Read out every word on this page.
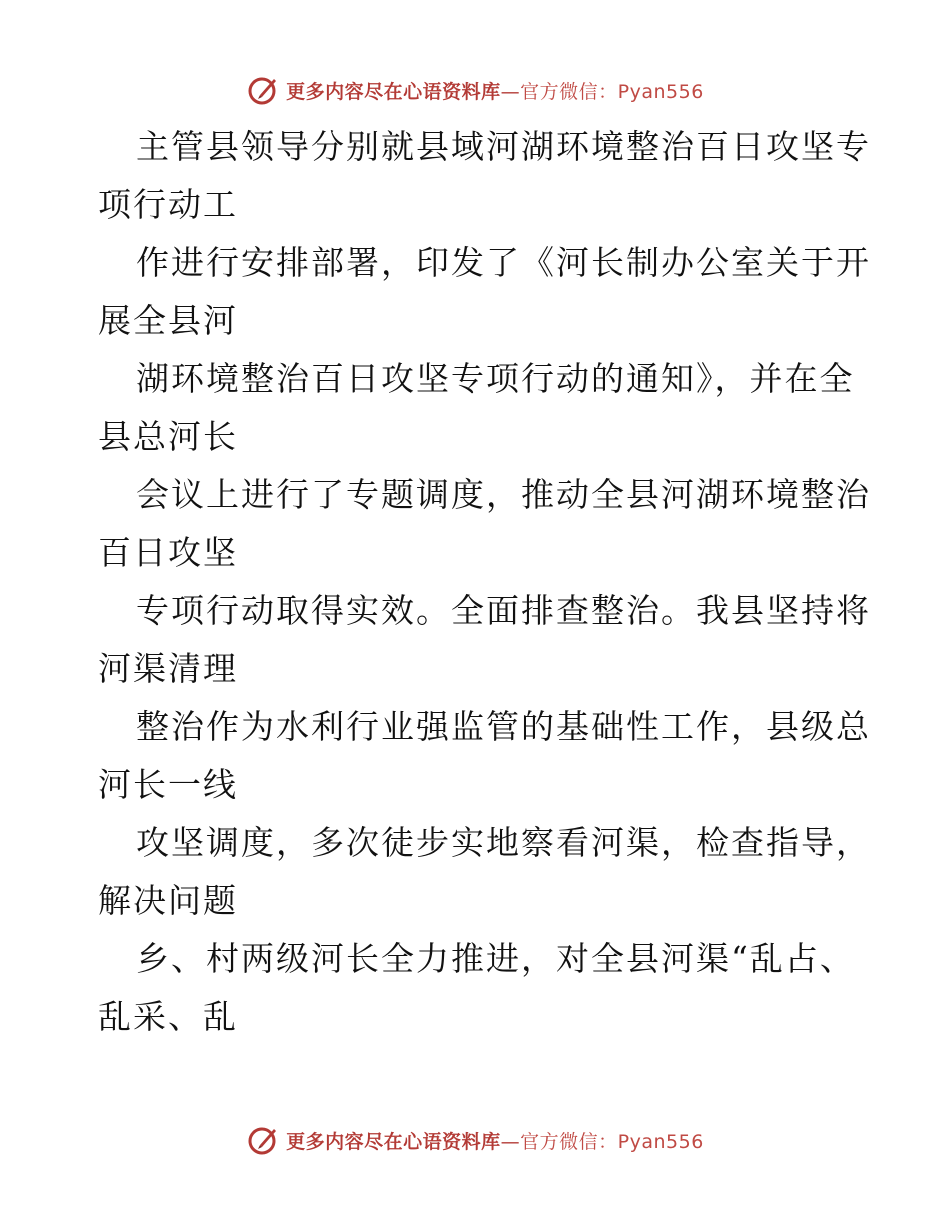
更多内容尽在心语资料库—官方微信：Pyan556

主管县领导分别就县域河湖环境整治百日攻坚专
项行动工

作进行安排部署，印发了《河长制办公室关于开
展全县河

湖环境整治百日攻坚专项行动的通知》，并在全
县总河长

会议上进行了专题调度，推动全县河湖环境整治
百日攻坚

专项行动取得实效。全面排查整治。我县坚持将
河渠清理

整治作为水利行业强监管的基础性工作，县级总
河长一线

攻坚调度，多次徒步实地察看河渠，检查指导，
解决问题

乡、村两级河长全力推进，对全县河渠“乱占、
乱采、乱

更多内容尽在心语资料库—官方微信：Pyan556
